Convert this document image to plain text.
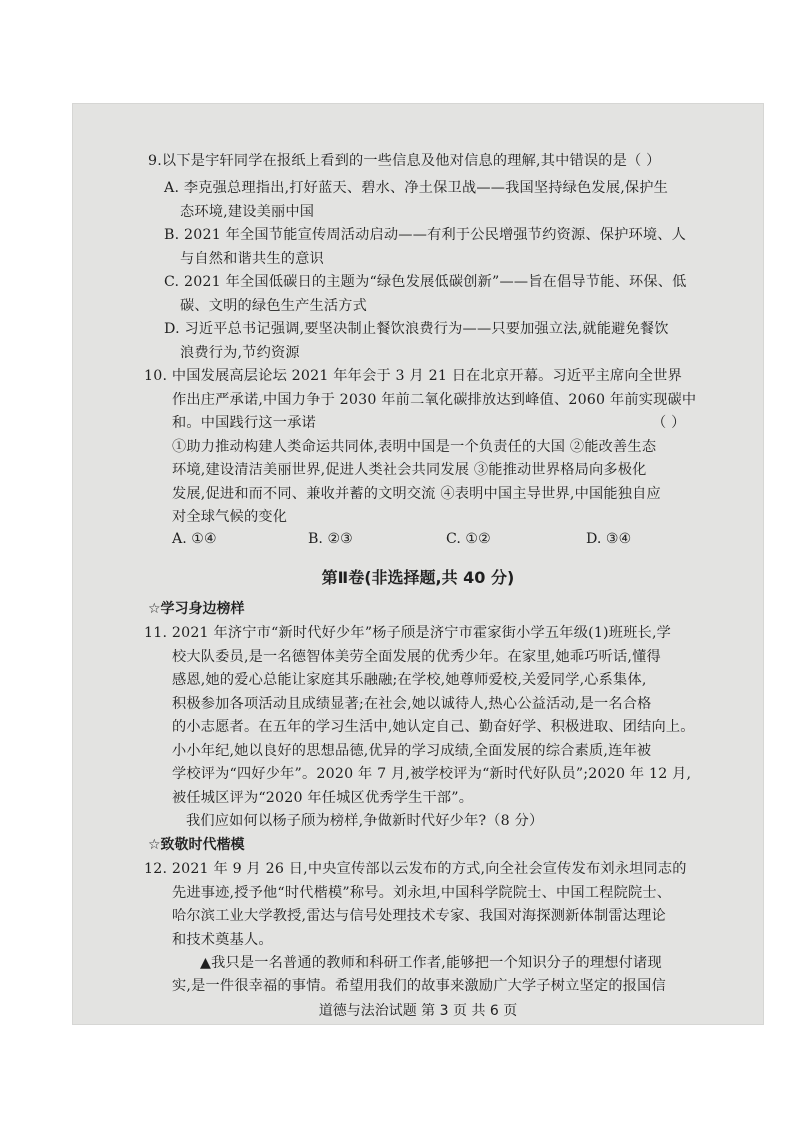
9.以下是宇轩同学在报纸上看到的一些信息及他对信息的理解,其中错误的是（ ）
A. 李克强总理指出,打好蓝天、碧水、净土保卫战——我国坚持绿色发展,保护生
态环境,建设美丽中国
B. 2021 年全国节能宣传周活动启动——有利于公民增强节约资源、保护环境、人
与自然和谐共生的意识
C. 2021 年全国低碳日的主题为“绿色发展低碳创新”——旨在倡导节能、环保、低
碳、文明的绿色生产生活方式
D. 习近平总书记强调,要坚决制止餐饮浪费行为——只要加强立法,就能避免餐饮
浪费行为,节约资源
10. 中国发展高层论坛 2021 年年会于 3 月 21 日在北京开幕。习近平主席向全世界
作出庄严承诺,中国力争于 2030 年前二氧化碳排放达到峰值、2060 年前实现碳中
和。中国践行这一承诺	（ ）
①助力推动构建人类命运共同体,表明中国是一个负责任的大国 ②能改善生态
环境,建设清洁美丽世界,促进人类社会共同发展 ③能推动世界格局向多极化
发展,促进和而不同、兼收并蓄的文明交流 ④表明中国主导世界,中国能独自应
对全球气候的变化
A. ①④	B. ②③	C. ①②	D. ③④
第Ⅱ卷(非选择题,共 40 分)
☆学习身边榜样
11. 2021 年济宁市“新时代好少年”杨子颀是济宁市霍家街小学五年级(1)班班长,学
校大队委员,是一名德智体美劳全面发展的优秀少年。在家里,她乖巧听话,懂得
感恩,她的爱心总能让家庭其乐融融;在学校,她尊师爱校,关爱同学,心系集体,
积极参加各项活动且成绩显著;在社会,她以诚待人,热心公益活动,是一名合格
的小志愿者。在五年的学习生活中,她认定自己、勤奋好学、积极进取、团结向上。
小小年纪,她以良好的思想品德,优异的学习成绩,全面发展的综合素质,连年被
学校评为“四好少年”。2020 年 7 月,被学校评为“新时代好队员”;2020 年 12 月,
被任城区评为“2020 年任城区优秀学生干部”。
我们应如何以杨子颀为榜样,争做新时代好少年?（8 分）
☆致敬时代楷模
12. 2021 年 9 月 26 日,中央宣传部以云发布的方式,向全社会宣传发布刘永坦同志的
先进事迹,授予他“时代楷模”称号。刘永坦,中国科学院院士、中国工程院院士、
哈尔滨工业大学教授,雷达与信号处理技术专家、我国对海探测新体制雷达理论
和技术奠基人。
▲我只是一名普通的教师和科研工作者,能够把一个知识分子的理想付诸现
实,是一件很幸福的事情。希望用我们的故事来激励广大学子树立坚定的报国信
道德与法治试题 第 3 页 共 6 页
